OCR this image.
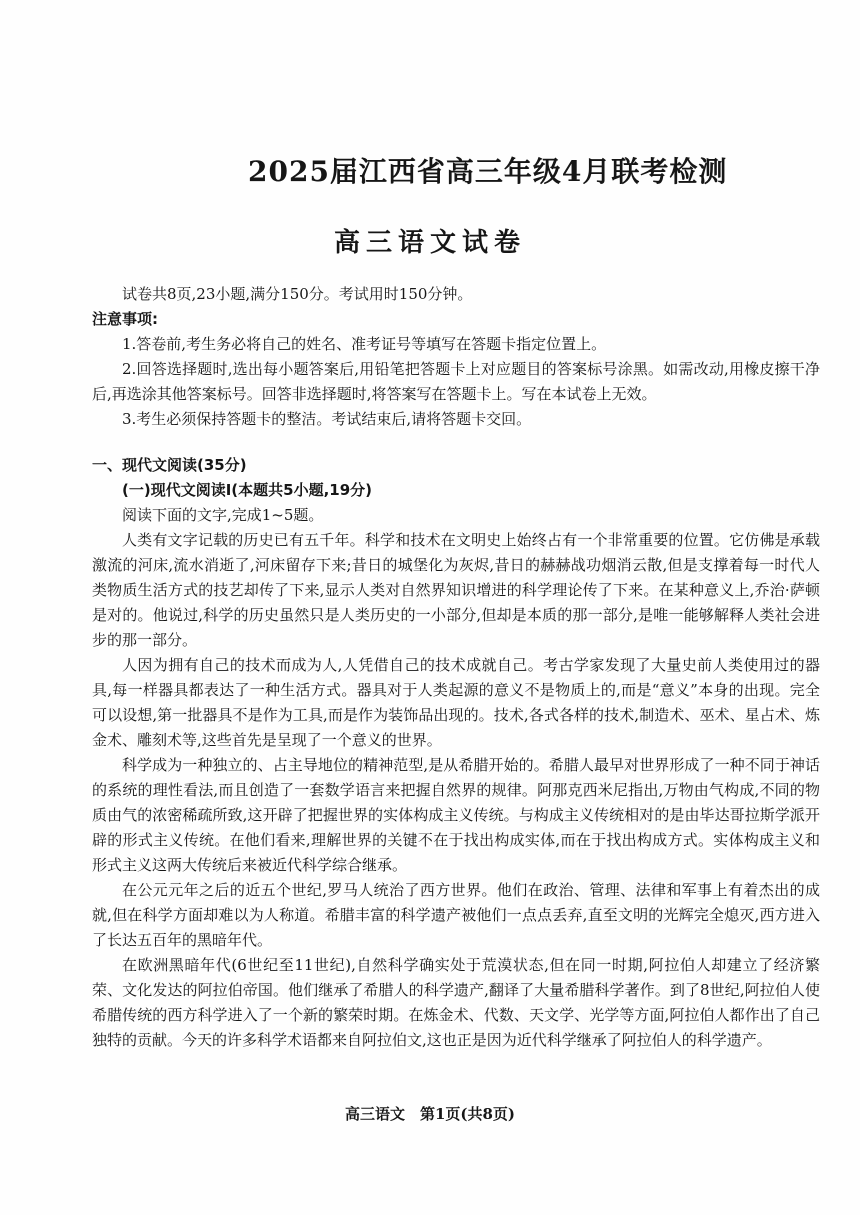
2025届江西省高三年级4月联考检测
高三语文试卷

试卷共8页,23小题,满分150分。考试用时150分钟。

注意事项:

1.答卷前,考生务必将自己的姓名、准考证号等填写在答题卡指定位置上。

2.回答选择题时,选出每小题答案后,用铅笔把答题卡上对应题目的答案标号涂黑。如需改动,用橡皮擦干净后,再选涂其他答案标号。回答非选择题时,将答案写在答题卡上。写在本试卷上无效。

3.考生必须保持答题卡的整洁。考试结束后,请将答题卡交回。

一、现代文阅读(35分)

(一)现代文阅读Ⅰ(本题共5小题,19分)

阅读下面的文字,完成1~5题。

人类有文字记载的历史已有五千年。科学和技术在文明史上始终占有一个非常重要的位置。它仿佛是承载激流的河床,流水消逝了,河床留存下来;昔日的城堡化为灰烬,昔日的赫赫战功烟消云散,但是支撑着每一时代人类物质生活方式的技艺却传了下来,显示人类对自然界知识增进的科学理论传了下来。在某种意义上,乔治·萨顿是对的。他说过,科学的历史虽然只是人类历史的一小部分,但却是本质的那一部分,是唯一能够解释人类社会进步的那一部分。

人因为拥有自己的技术而成为人,人凭借自己的技术成就自己。考古学家发现了大量史前人类使用过的器具,每一样器具都表达了一种生活方式。器具对于人类起源的意义不是物质上的,而是“意义”本身的出现。完全可以设想,第一批器具不是作为工具,而是作为装饰品出现的。技术,各式各样的技术,制造术、巫术、星占术、炼金术、雕刻术等,这些首先是呈现了一个意义的世界。

科学成为一种独立的、占主导地位的精神范型,是从希腊开始的。希腊人最早对世界形成了一种不同于神话的系统的理性看法,而且创造了一套数学语言来把握自然界的规律。阿那克西米尼指出,万物由气构成,不同的物质由气的浓密稀疏所致,这开辟了把握世界的实体构成主义传统。与构成主义传统相对的是由毕达哥拉斯学派开辟的形式主义传统。在他们看来,理解世界的关键不在于找出构成实体,而在于找出构成方式。实体构成主义和形式主义这两大传统后来被近代科学综合继承。

在公元元年之后的近五个世纪,罗马人统治了西方世界。他们在政治、管理、法律和军事上有着杰出的成就,但在科学方面却难以为人称道。希腊丰富的科学遗产被他们一点点丢弃,直至文明的光辉完全熄灭,西方进入了长达五百年的黑暗年代。

在欧洲黑暗年代(6世纪至11世纪),自然科学确实处于荒漠状态,但在同一时期,阿拉伯人却建立了经济繁荣、文化发达的阿拉伯帝国。他们继承了希腊人的科学遗产,翻译了大量希腊科学著作。到了8世纪,阿拉伯人使希腊传统的西方科学进入了一个新的繁荣时期。在炼金术、代数、天文学、光学等方面,阿拉伯人都作出了自己独特的贡献。今天的许多科学术语都来自阿拉伯文,这也正是因为近代科学继承了阿拉伯人的科学遗产。

高三语文　第1页(共8页)
